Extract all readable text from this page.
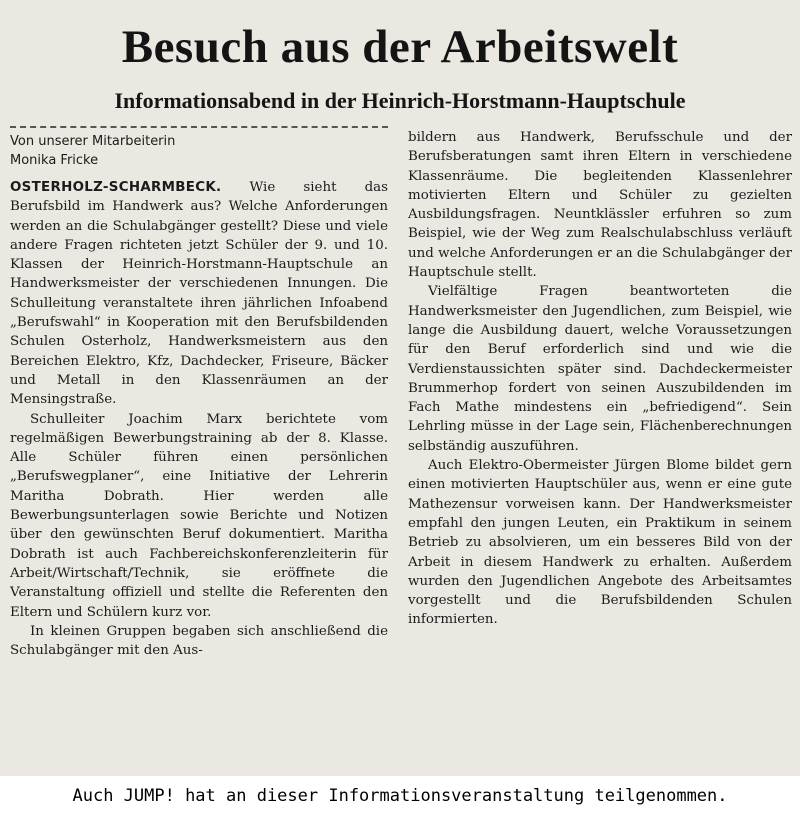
Besuch aus der Arbeitswelt
Informationsabend in der Heinrich-Horstmann-Hauptschule
Von unserer Mitarbeiterin
Monika Fricke

OSTERHOLZ-SCHARMBECK. Wie sieht das Berufsbild im Handwerk aus? Welche Anforderungen werden an die Schulabgänger gestellt? Diese und viele andere Fragen richteten jetzt Schüler der 9. und 10. Klassen der Heinrich-Horstmann-Hauptschule an Handwerksmeister der verschiedenen Innungen. Die Schulleitung veranstaltete ihren jährlichen Infoabend „Berufswahl“ in Kooperation mit den Berufsbildenden Schulen Osterholz, Handwerksmeistern aus den Bereichen Elektro, Kfz, Dachdecker, Friseure, Bäcker und Metall in den Klassenräumen an der Mensingstraße.

Schulleiter Joachim Marx berichtete vom regelmäßigen Bewerbungstraining ab der 8. Klasse. Alle Schüler führen einen persönlichen „Berufswegplaner“, eine Initiative der Lehrerin Maritha Dobrath. Hier werden alle Bewerbungsunterlagen sowie Berichte und Notizen über den gewünschten Beruf dokumentiert. Maritha Dobrath ist auch Fachbereichskonferenzleiterin für Arbeit/Wirtschaft/Technik, sie eröffnete die Veranstaltung offiziell und stellte die Referenten den Eltern und Schülern kurz vor.

In kleinen Gruppen begaben sich anschließend die Schulabgänger mit den Aus-

bildern aus Handwerk, Berufsschule und der Berufsberatungen samt ihren Eltern in verschiedene Klassenräume. Die begleitenden Klassenlehrer motivierten Eltern und Schüler zu gezielten Ausbildungsfragen. Neuntklässler erfuhren so zum Beispiel, wie der Weg zum Realschulabschluss verläuft und welche Anforderungen er an die Schulabgänger der Hauptschule stellt.

Vielfältige Fragen beantworteten die Handwerksmeister den Jugendlichen, zum Beispiel, wie lange die Ausbildung dauert, welche Voraussetzungen für den Beruf erforderlich sind und wie die Verdienstaussichten später sind. Dachdeckermeister Brummerhop fordert von seinen Auszubildenden im Fach Mathe mindestens ein „befriedigend“. Sein Lehrling müsse in der Lage sein, Flächenberechnungen selbständig auszuführen.

Auch Elektro-Obermeister Jürgen Blome bildet gern einen motivierten Hauptschüler aus, wenn er eine gute Mathezensur vorweisen kann. Der Handwerksmeister empfahl den jungen Leuten, ein Praktikum in seinem Betrieb zu absolvieren, um ein besseres Bild von der Arbeit in diesem Handwerk zu erhalten. Außerdem wurden den Jugendlichen Angebote des Arbeitsamtes vorgestellt und die Berufsbildenden Schulen informierten.

Auch JUMP! hat an dieser Informationsveranstaltung teilgenommen.
